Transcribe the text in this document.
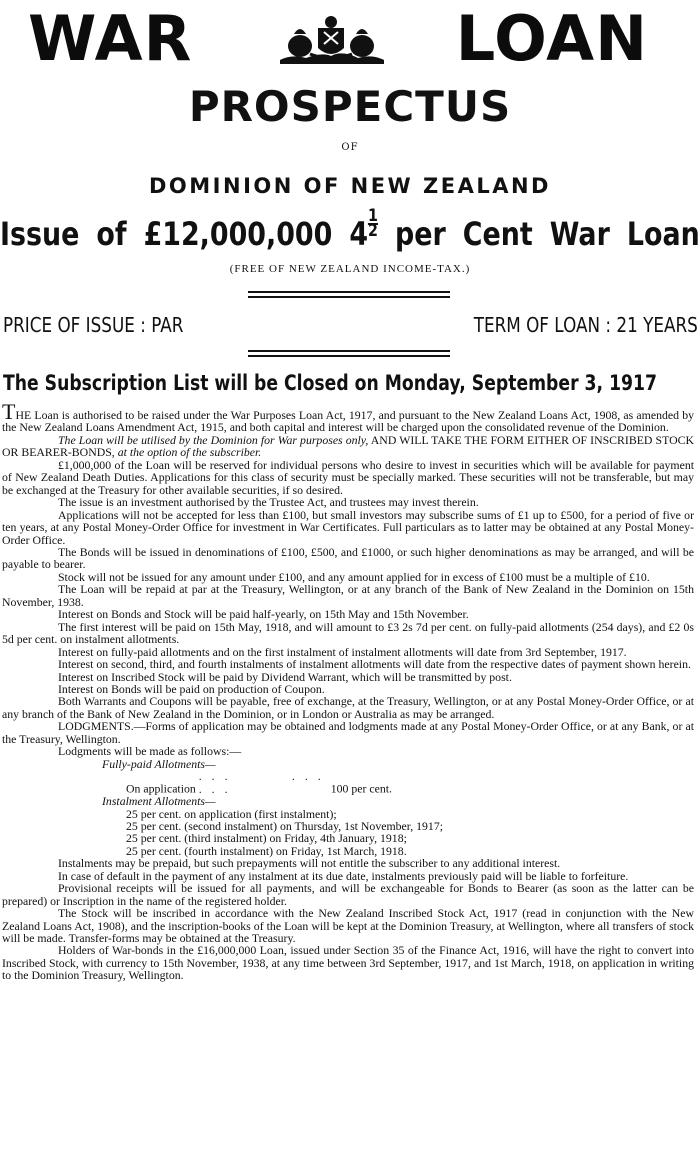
WAR	LOAN
PROSPECTUS
OF
DOMINION OF NEW ZEALAND
Issue of £12,000,000 $4 \frac{1}{2}$ per Cent War Loan
(FREE OF NEW ZEALAND INCOME-TAX.)
PRICE OF ISSUE : PAR	TERM OF LOAN : 21 YEARS
The Subscription List will be Closed on Monday, September 3, 1917

THE Loan is authorised to be raised under the War Purposes Loan Act, 1917, and pursuant to the New Zealand Loans Act, 1908, as amended by the New Zealand Loans Amendment Act, 1915, and both capital and interest will be charged upon the consolidated revenue of the Dominion.

The Loan will be utilised by the Dominion for War purposes only, AND WILL TAKE THE FORM EITHER OF INSCRIBED STOCK OR BEARER-BONDS, at the option of the subscriber.

£1,000,000 of the Loan will be reserved for individual persons who desire to invest in securities which will be available for payment of New Zealand Death Duties. Applications for this class of security must be specially marked. These securities will not be transferable, but may be exchanged at the Treasury for other available securities, if so desired.

The issue is an investment authorised by the Trustee Act, and trustees may invest therein.

Applications will not be accepted for less than £100, but small investors may subscribe sums of £1 up to £500, for a period of five or ten years, at any Postal Money-Order Office for investment in War Certificates. Full particulars as to latter may be obtained at any Postal Money-Order Office.

The Bonds will be issued in denominations of £100, £500, and £1000, or such higher denominations as may be arranged, and will be payable to bearer.

Stock will not be issued for any amount under £100, and any amount applied for in excess of £100 must be a multiple of £10.

The Loan will be repaid at par at the Treasury, Wellington, or at any branch of the Bank of New Zealand in the Dominion on 15th November, 1938.

Interest on Bonds and Stock will be paid half-yearly, on 15th May and 15th November.

The first interest will be paid on 15th May, 1918, and will amount to £3 2s 7d per cent. on fully-paid allotments (254 days), and £2 0s 5d per cent. on instalment allotments.

Interest on fully-paid allotments and on the first instalment of instalment allotments will date from 3rd September, 1917.

Interest on second, third, and fourth instalments of instalment allotments will date from the respective dates of payment shown herein.

Interest on Inscribed Stock will be paid by Dividend Warrant, which will be transmitted by post.

Interest on Bonds will be paid on production of Coupon.

Both Warrants and Coupons will be payable, free of exchange, at the Treasury, Wellington, or at any Postal Money-Order Office, or at any branch of the Bank of New Zealand in the Dominion, or in London or Australia as may be arranged.

LODGMENTS.—Forms of application may be obtained and lodgments made at any Postal Money-Order Office, or at any Bank, or at the Treasury, Wellington.

Lodgments will be made as follows:—

Fully-paid Allotments—
On application ... ... ...	100 per cent.
Instalment Allotments—
25 per cent. on application (first instalment);
25 per cent. (second instalment) on Thursday, 1st November, 1917;
25 per cent. (third instalment) on Friday, 4th January, 1918;
25 per cent. (fourth instalment) on Friday, 1st March, 1918.

Instalments may be prepaid, but such prepayments will not entitle the subscriber to any additional interest.

In case of default in the payment of any instalment at its due date, instalments previously paid will be liable to forfeiture.

Provisional receipts will be issued for all payments, and will be exchangeable for Bonds to Bearer (as soon as the latter can be prepared) or Inscription in the name of the registered holder.

The Stock will be inscribed in accordance with the New Zealand Inscribed Stock Act, 1917 (read in conjunction with the New Zealand Loans Act, 1908), and the inscription-books of the Loan will be kept at the Dominion Treasury, at Wellington, where all transfers of stock will be made. Transfer-forms may be obtained at the Treasury.

Holders of War-bonds in the £16,000,000 Loan, issued under Section 35 of the Finance Act, 1916, will have the right to convert into Inscribed Stock, with currency to 15th November, 1938, at any time between 3rd September, 1917, and 1st March, 1918, on application in writing to the Dominion Treasury, Wellington.
